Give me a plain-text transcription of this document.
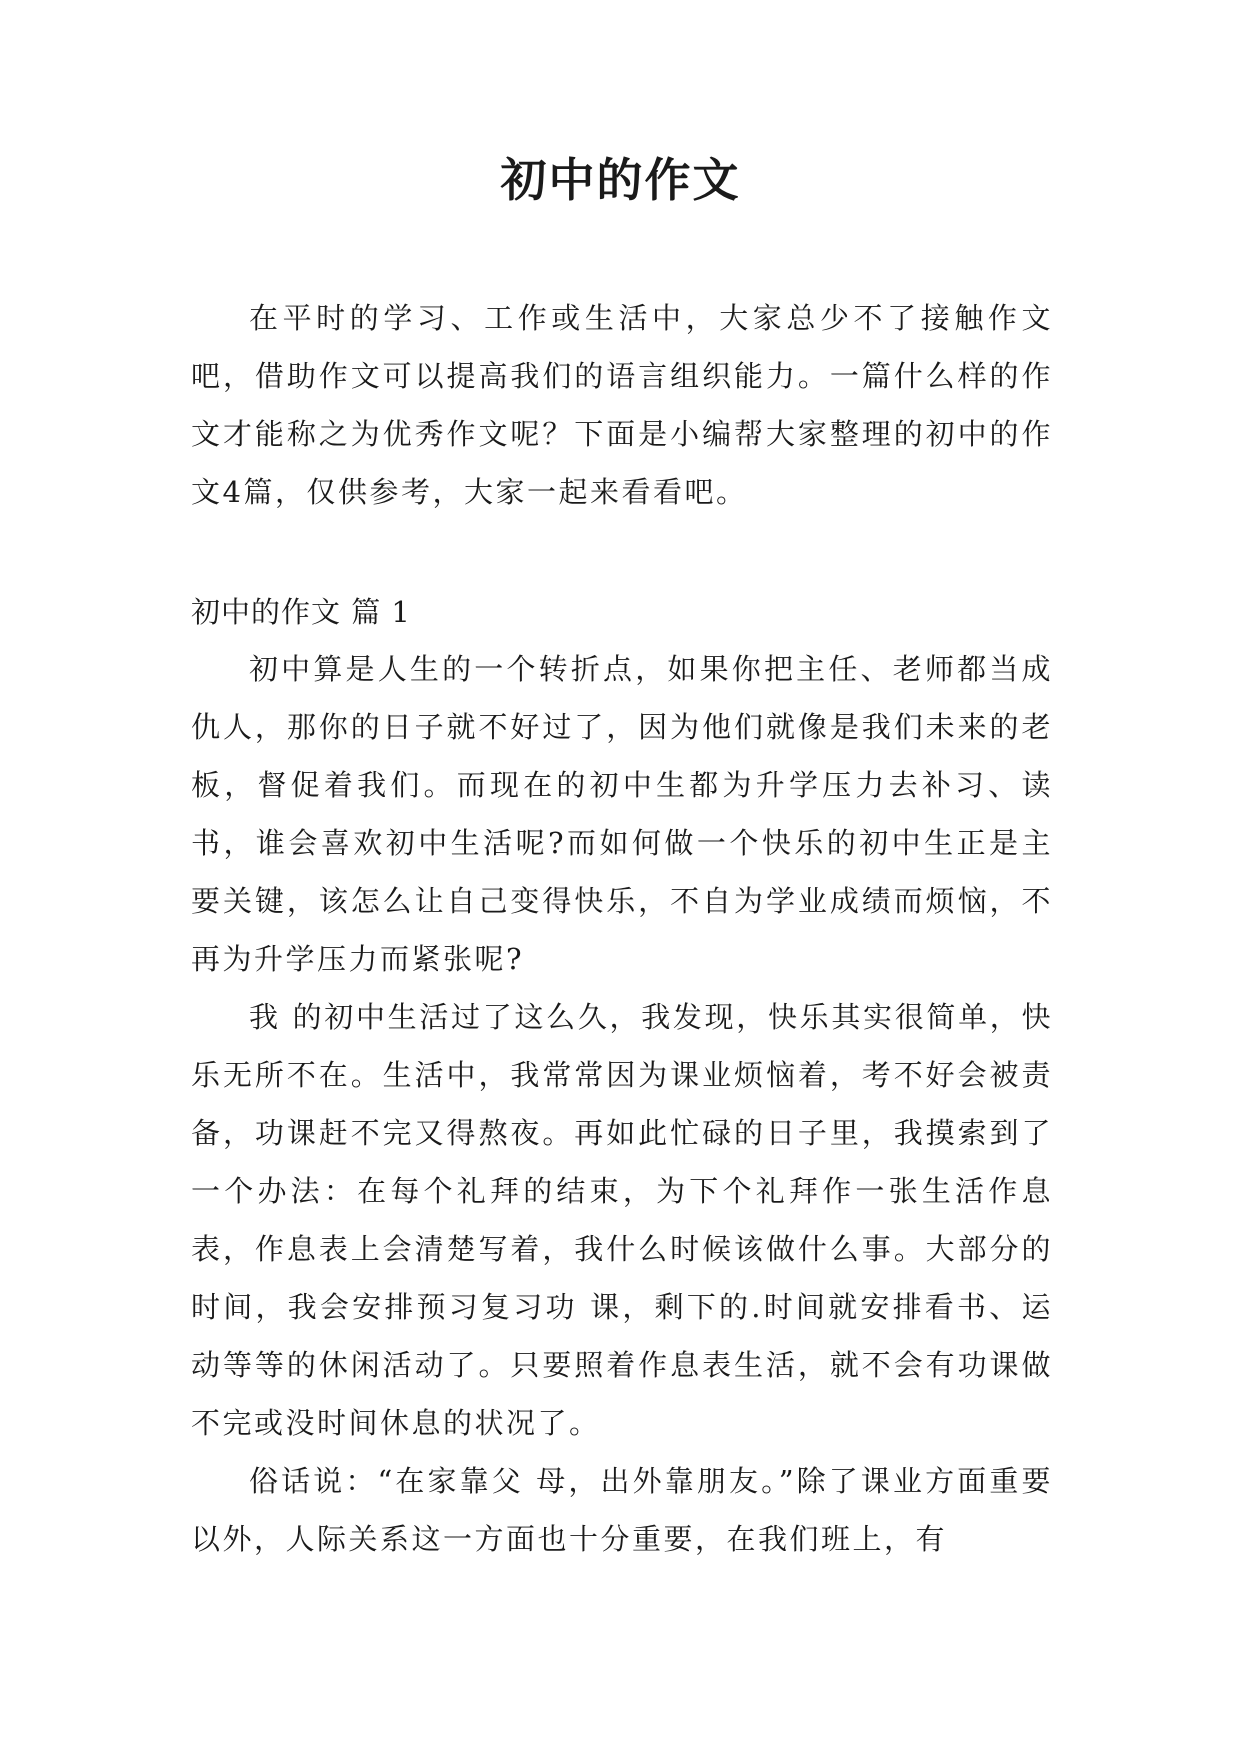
初中的作文

在平时的学习、工作或生活中，大家总少不了接触作文吧，借助作文可以提高我们的语言组织能力。一篇什么样的作文才能称之为优秀作文呢？下面是小编帮大家整理的初中的作文4篇，仅供参考，大家一起来看看吧。

初中的作文 篇 1

初中算是人生的一个转折点，如果你把主任、老师都当成仇人，那你的日子就不好过了，因为他们就像是我们未来的老板，督促着我们。而现在的初中生都为升学压力去补习、读书，谁会喜欢初中生活呢?而如何做一个快乐的初中生正是主要关键，该怎么让自己变得快乐，不自为学业成绩而烦恼，不再为升学压力而紧张呢?

我 的初中生活过了这么久，我发现，快乐其实很简单，快乐无所不在。生活中，我常常因为课业烦恼着，考不好会被责备，功课赶不完又得熬夜。再如此忙碌的日子里，我摸索到了一个办法：在每个礼拜的结束，为下个礼拜作一张生活作息表，作息表上会清楚写着，我什么时候该做什么事。大部分的时间，我会安排预习复习功 课，剩下的.时间就安排看书、运动等等的休闲活动了。只要照着作息表生活，就不会有功课做不完或没时间休息的状况了。

俗话说：“在家靠父 母，出外靠朋友。”除了课业方面重要以外，人际关系这一方面也十分重要，在我们班上，有
